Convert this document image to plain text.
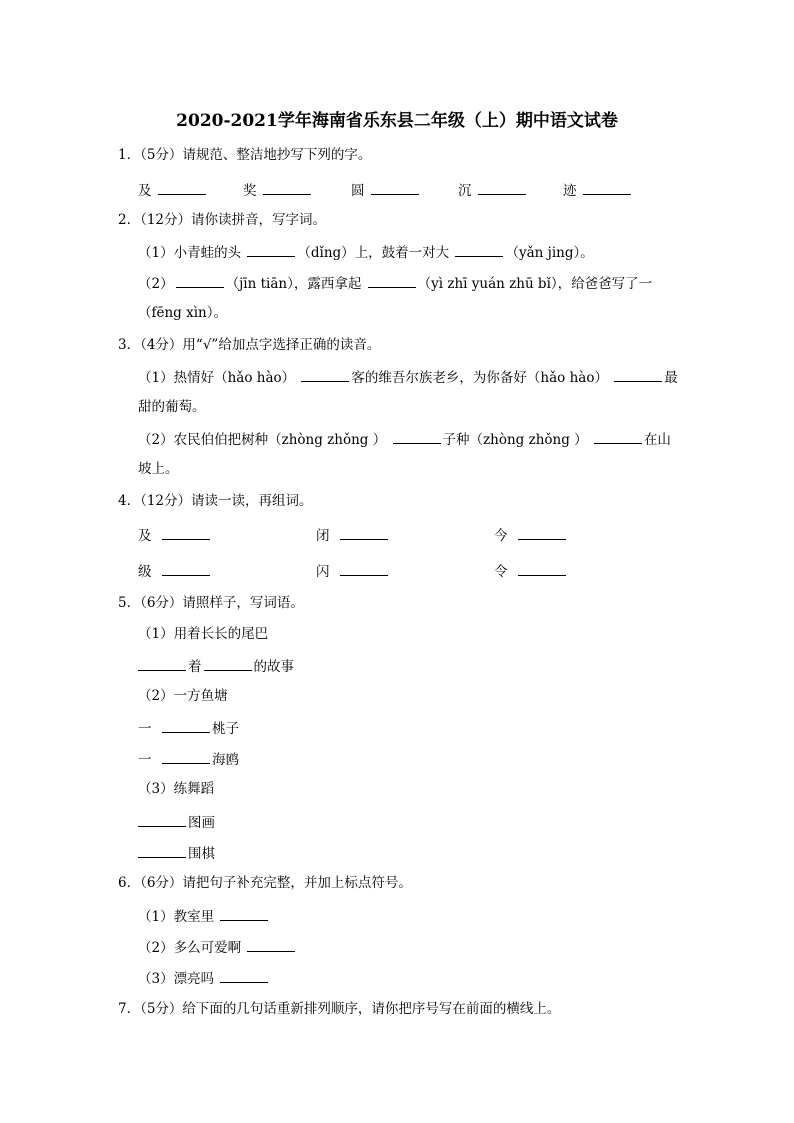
2020-2021学年海南省乐东县二年级（上）期中语文试卷
1．（5分）请规范、整洁地抄写下列的字。
及	奖	圆	沉	迹
2．（12分）请你读拼音，写字词。
（1）小青蛙的头	（dǐng）上，鼓着一对大	（yǎn jing）。
（2）	（jīn tiān），露西拿起	（yì zhī yuán zhū bǐ），给爸爸写了一
（fēng xìn）。
3．（4分）用“√”给加点字选择正确的读音。
（1）热情好（hǎo hào）	客的维吾尔族老乡，为你备好（hǎo hào）	最
甜的葡萄。
（2）农民伯伯把树种（zhòng zhǒng ）	子种（zhòng zhǒng ）	在山
坡上。
4．（12分）请读一读，再组词。
及	闭	今
级	闪	令
5．（6分）请照样子，写词语。
（1）用着长长的尾巴
着	的故事
（2）一方鱼塘
一	桃子
一	海鸥
（3）练舞蹈
图画
围棋
6．（6分）请把句子补充完整，并加上标点符号。
（1）教室里
（2）多么可爱啊
（3）漂亮吗
7．（5分）给下面的几句话重新排列顺序，请你把序号写在前面的横线上。
